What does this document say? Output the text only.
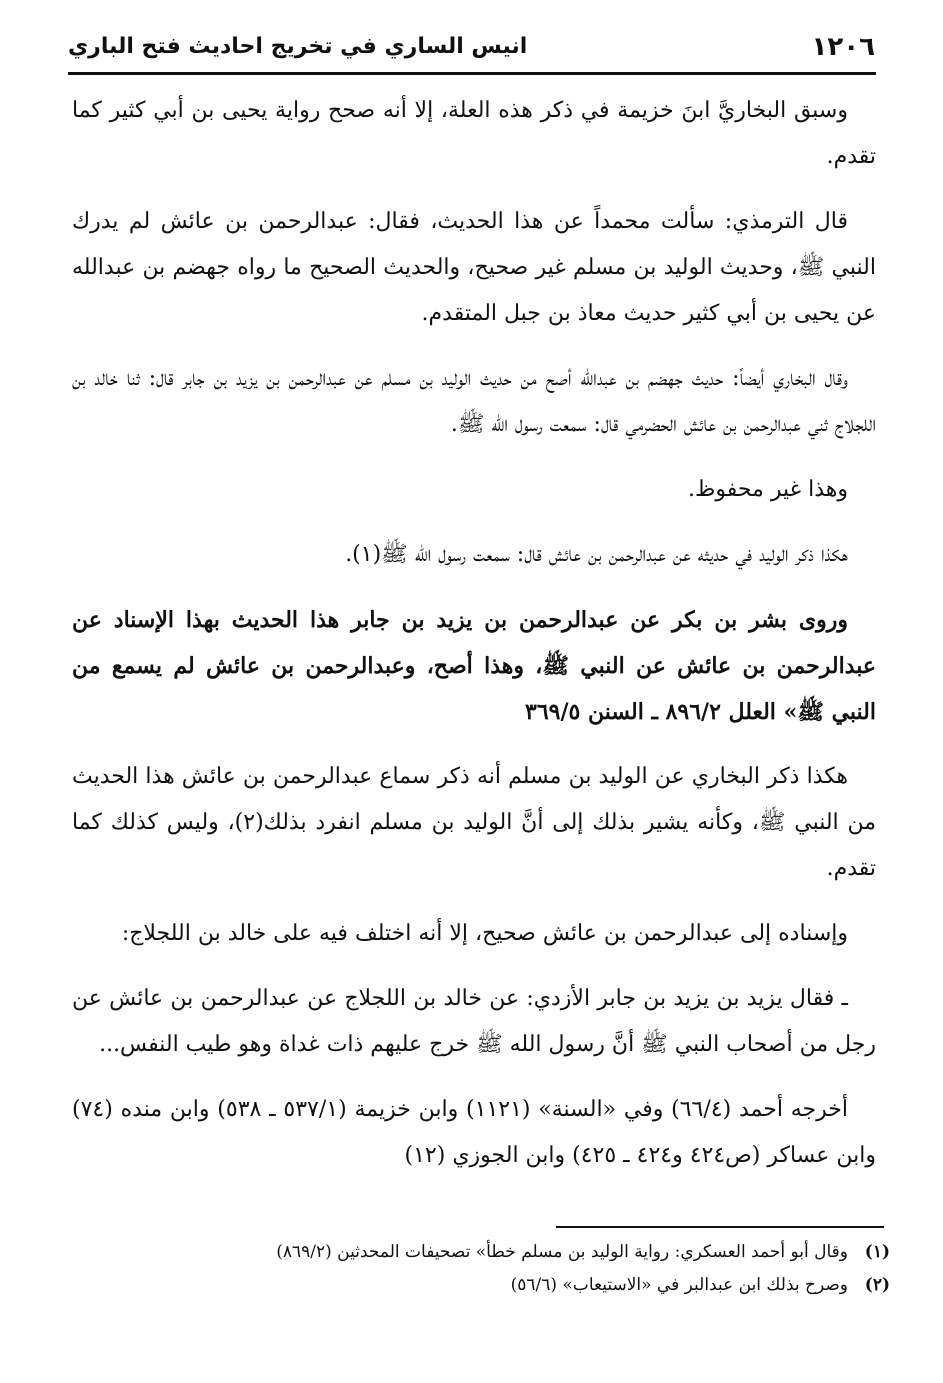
١٢٠٦
انيس الساري في تخريج احاديث فتح الباري

وسبق البخاريَّ ابنَ خزيمة في ذكر هذه العلة، إلا أنه صحح رواية يحيى بن أبي كثير كما تقدم.

قال الترمذي: سألت محمداً عن هذا الحديث، فقال: عبدالرحمن بن عائش لم يدرك النبي ﷺ، وحديث الوليد بن مسلم غير صحيح، والحديث الصحيح ما رواه جهضم بن عبدالله عن يحيى بن أبي كثير حديث معاذ بن جبل المتقدم.

وقال البخاري أيضاً: حديث جهضم بن عبدالله أصح من حديث الوليد بن مسلم عن عبدالرحمن بن يزيد بن جابر قال: ثنا خالد بن اللجلاج ثني عبدالرحمن بن عائش الحضرمي قال: سمعت رسول الله ﷺ.

وهذا غير محفوظ.

هكذا ذكر الوليد في حديثه عن عبدالرحمن بن عائش قال: سمعت رسول الله ﷺ(١).

وروى بشر بن بكر عن عبدالرحمن بن يزيد بن جابر هذا الحديث بهذا الإسناد عن عبدالرحمن بن عائش عن النبي ﷺ، وهذا أصح، وعبدالرحمن بن عائش لم يسمع من النبي ﷺ» العلل ٨٩٦/٢ ـ السنن ٣٦٩/٥

هكذا ذكر البخاري عن الوليد بن مسلم أنه ذكر سماع عبدالرحمن بن عائش هذا الحديث من النبي ﷺ، وكأنه يشير بذلك إلى أنَّ الوليد بن مسلم انفرد بذلك(٢)، وليس كذلك كما تقدم.

وإسناده إلى عبدالرحمن بن عائش صحيح، إلا أنه اختلف فيه على خالد بن اللجلاج:

ـ فقال يزيد بن يزيد بن جابر الأزدي: عن خالد بن اللجلاج عن عبدالرحمن بن عائش عن رجل من أصحاب النبي ﷺ أنَّ رسول الله ﷺ خرج عليهم ذات غداة وهو طيب النفس...

أخرجه أحمد (٦٦/٤) وفي «السنة» (١١٢١) وابن خزيمة (٥٣٧/١ ـ ٥٣٨) وابن منده (٧٤) وابن عساكر (ص٤٢٤ و٤٢٤ ـ ٤٢٥) وابن الجوزي (١٢)

(١)
وقال أبو أحمد العسكري: رواية الوليد بن مسلم خطأ» تصحيفات المحدثين (٨٦٩/٢)
(٢)
وصرح بذلك ابن عبدالبر في «الاستيعاب» (٥٦/٦)
